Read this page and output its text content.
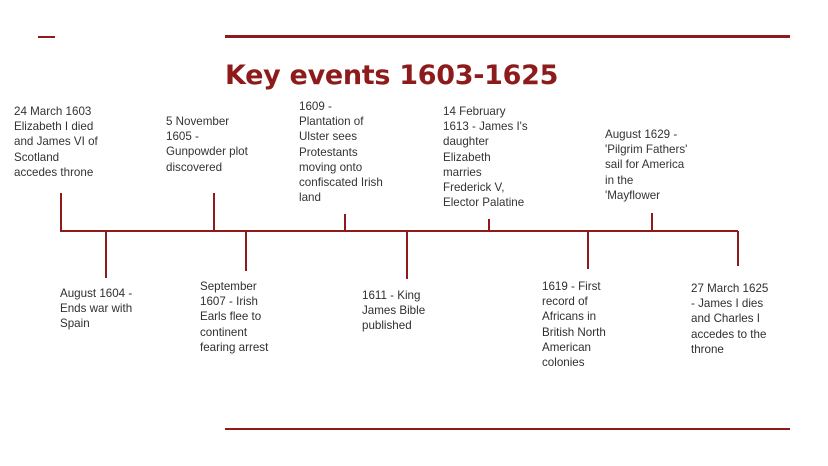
Key events 1603-1625
24 March 1603
Elizabeth I died
and James VI of
Scotland
accedes throne
5 November
1605 -
Gunpowder plot
discovered
1609 -
Plantation of
Ulster sees
Protestants
moving onto
confiscated Irish
land
14 February
1613 - James I's
daughter
Elizabeth
marries
Frederick V,
Elector Palatine
August 1629 -
'Pilgrim Fathers'
sail for America
in the
'Mayflower
August 1604 -
Ends war with
Spain
September
1607 - Irish
Earls flee to
continent
fearing arrest
1611 - King
James Bible
published
1619 - First
record of
Africans in
British North
American
colonies
27 March 1625
- James I dies
and Charles I
accedes to the
throne
